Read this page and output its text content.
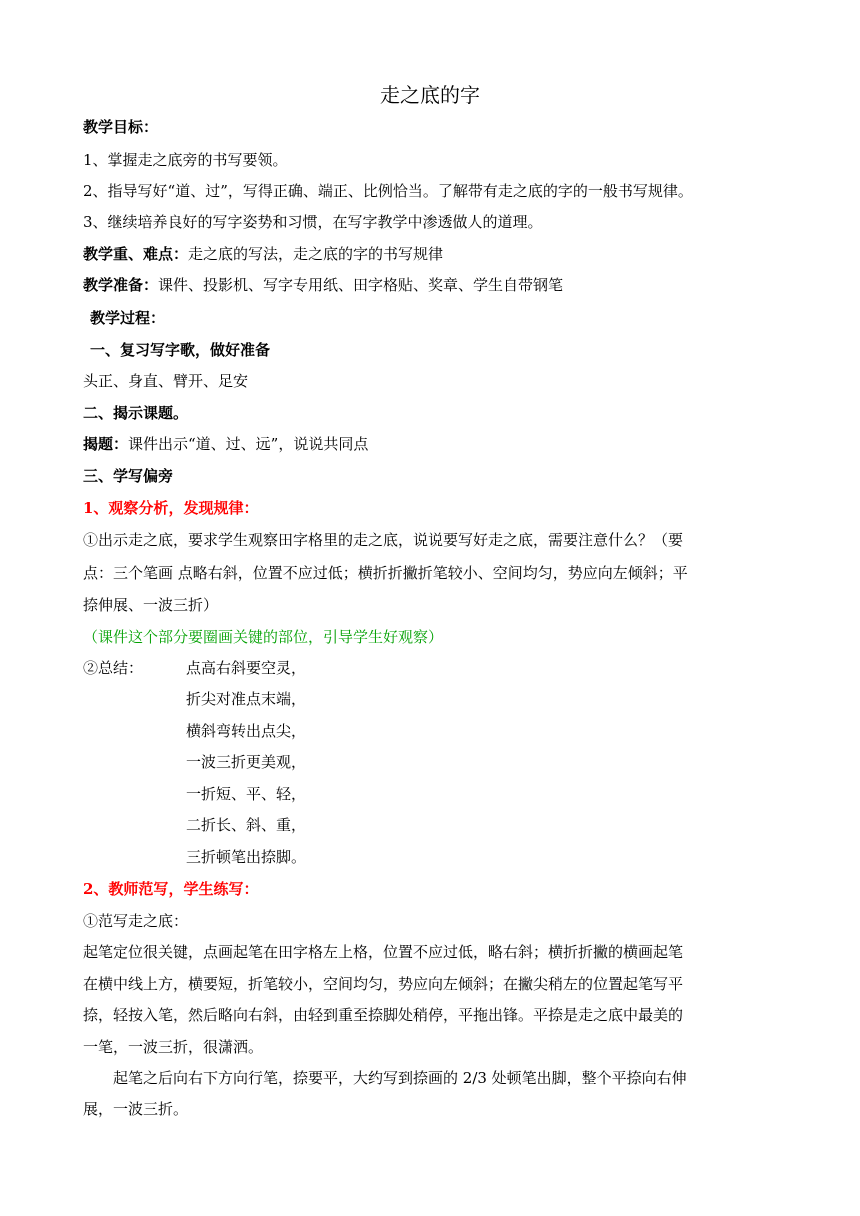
走之底的字
教学目标：
1、掌握走之底旁的书写要领。
2、指导写好“道、过”，写得正确、端正、比例恰当。了解带有走之底的字的一般书写规律。
3、继续培养良好的写字姿势和习惯，在写字教学中渗透做人的道理。
教学重、难点：走之底的写法，走之底的字的书写规律
教学准备：课件、投影机、写字专用纸、田字格贴、奖章、学生自带钢笔
教学过程：
一、复习写字歌，做好准备
头正、身直、臂开、足安
二、揭示课题。
揭题：课件出示“道、过、远”，说说共同点
三、学写偏旁
1、观察分析，发现规律：
①出示走之底，要求学生观察田字格里的走之底，说说要写好走之底，需要注意什么？（要
点：三个笔画 点略右斜，位置不应过低；横折折撇折笔较小、空间均匀，势应向左倾斜；平
捺伸展、一波三折）
（课件这个部分要圈画关键的部位，引导学生好观察）
②总结：	点高右斜要空灵，
折尖对准点末端，
横斜弯转出点尖，
一波三折更美观，
一折短、平、轻，
二折长、斜、重，
三折顿笔出捺脚。
2、教师范写，学生练写：
①范写走之底：
起笔定位很关键，点画起笔在田字格左上格，位置不应过低，略右斜；横折折撇的横画起笔
在横中线上方，横要短，折笔较小，空间均匀，势应向左倾斜；在撇尖稍左的位置起笔写平
捺，轻按入笔，然后略向右斜，由轻到重至捺脚处稍停，平拖出锋。平捺是走之底中最美的
一笔，一波三折，很潇洒。
　　起笔之后向右下方向行笔，捺要平，大约写到捺画的 2/3 处顿笔出脚，整个平捺向右伸
展，一波三折。
